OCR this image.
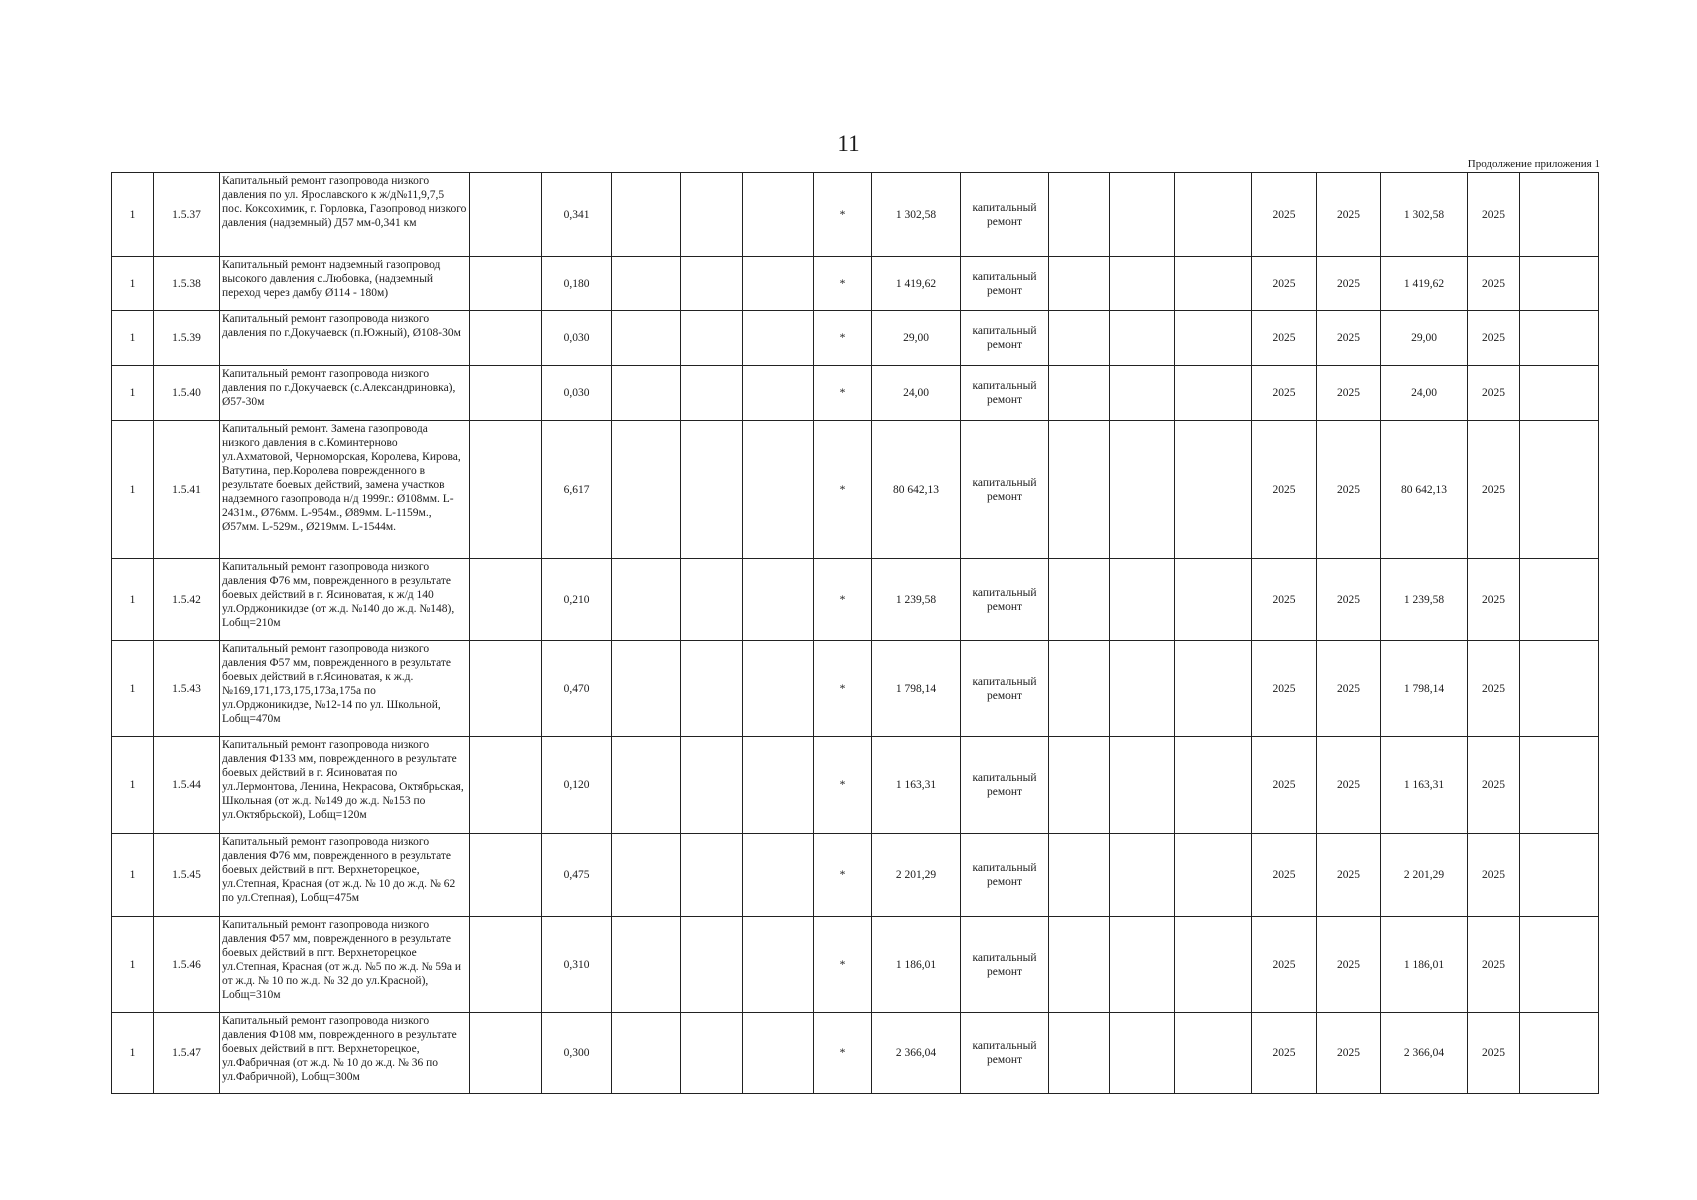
11
Продолжение приложения 1
1	1.5.37	Капитальный ремонт газопровода низкого давления по ул. Ярославского к ж/д№11,9,7,5 пос. Коксохимик, г. Горловка, Газопровод низкого давления (надземный) Д57 мм-0,341 км		0,341				*	1 302,58	капитальный ремонт				2025	2025	1 302,58	2025	
1	1.5.38	Капитальный ремонт надземный газопровод высокого давления с.Любовка, (надземный переход через дамбу Ø114 - 180м)		0,180				*	1 419,62	капитальный ремонт				2025	2025	1 419,62	2025	
1	1.5.39	Капитальный ремонт газопровода низкого давления по г.Докучаевск (п.Южный), Ø108-30м		0,030				*	29,00	капитальный ремонт				2025	2025	29,00	2025	
1	1.5.40	Капитальный ремонт газопровода низкого давления по г.Докучаевск (с.Александриновка), Ø57-30м		0,030				*	24,00	капитальный ремонт				2025	2025	24,00	2025	
1	1.5.41	Капитальный ремонт. Замена газопровода низкого давления в с.Коминтерново ул.Ахматовой, Черноморская, Королева, Кирова, Ватутина, пер.Королева поврежденного в результате боевых действий, замена участков надземного газопровода н/д 1999г.: Ø108мм. L-2431м., Ø76мм. L-954м., Ø89мм. L-1159м., Ø57мм. L-529м., Ø219мм. L-1544м.		6,617				*	80 642,13	капитальный ремонт				2025	2025	80 642,13	2025	
1	1.5.42	Капитальный ремонт газопровода низкого давления Ф76 мм, поврежденного в результате боевых действий в г. Ясиноватая, к ж/д 140 ул.Орджоникидзе (от ж.д. №140 до ж.д. №148), Lобщ=210м		0,210				*	1 239,58	капитальный ремонт				2025	2025	1 239,58	2025	
1	1.5.43	Капитальный ремонт газопровода низкого давления Ф57 мм, поврежденного в результате боевых действий в г.Ясиноватая, к ж.д.№169,171,173,175,173а,175а по ул.Орджоникидзе, №12-14 по ул. Школьной, Lобщ=470м		0,470				*	1 798,14	капитальный ремонт				2025	2025	1 798,14	2025	
1	1.5.44	Капитальный ремонт газопровода низкого давления Ф133 мм, поврежденного в результате боевых действий в г. Ясиноватая по ул.Лермонтова, Ленина, Некрасова, Октябрьская, Школьная (от ж.д. №149 до ж.д. №153 по ул.Октябрьской), Lобщ=120м		0,120				*	1 163,31	капитальный ремонт				2025	2025	1 163,31	2025	
1	1.5.45	Капитальный ремонт газопровода низкого давления Ф76 мм, поврежденного в результате боевых действий в пгт. Верхнеторецкое, ул.Степная, Красная (от ж.д. № 10 до ж.д. № 62 по ул.Степная), Lобщ=475м		0,475				*	2 201,29	капитальный ремонт				2025	2025	2 201,29	2025	
1	1.5.46	Капитальный ремонт газопровода низкого давления Ф57 мм, поврежденного в результате боевых действий в пгт. Верхнеторецкое ул.Степная, Красная (от ж.д. №5 по ж.д. № 59а и от ж.д. № 10 по ж.д. № 32 до ул.Красной), Lобщ=310м		0,310				*	1 186,01	капитальный ремонт				2025	2025	1 186,01	2025	
1	1.5.47	Капитальный ремонт газопровода низкого давления Ф108 мм, поврежденного в результате боевых действий в пгт. Верхнеторецкое, ул.Фабричная (от ж.д. № 10 до ж.д. № 36 по ул.Фабричной), Lобщ=300м		0,300				*	2 366,04	капитальный ремонт				2025	2025	2 366,04	2025	
